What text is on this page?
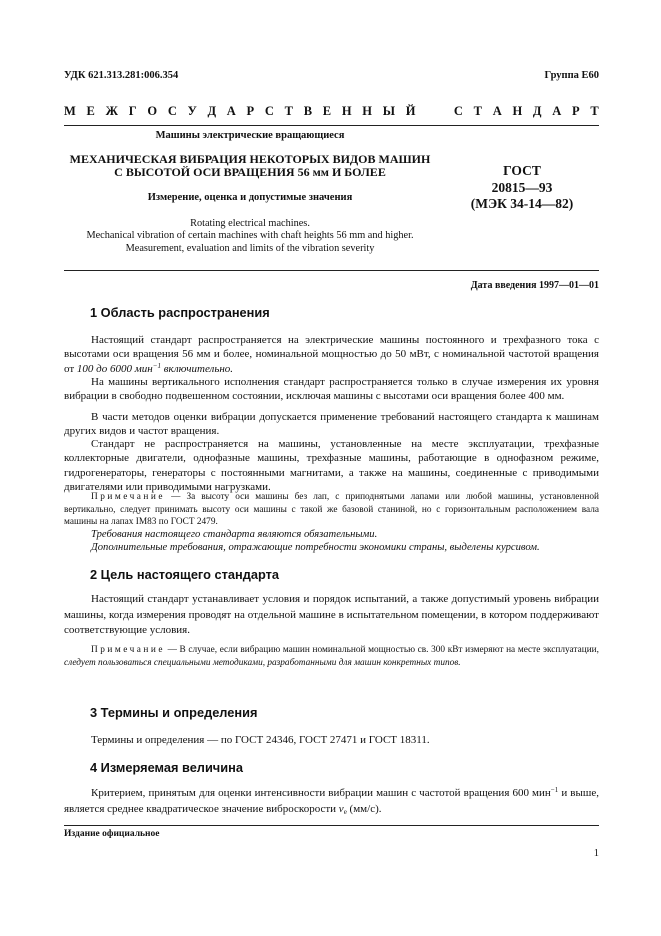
УДК 621.313.281:006.354	Группа Е60
М Е Ж Г О С У Д А Р С Т В Е Н Н Ы Й

	С Т А Н Д А Р Т
Машины электрические вращающиеся
МЕХАНИЧЕСКАЯ ВИБРАЦИЯ НЕКОТОРЫХ ВИДОВ МАШИН
С ВЫСОТОЙ ОСИ ВРАЩЕНИЯ 56 мм И БОЛЕЕ
Измерение, оценка и допустимые значения
Rotating electrical machines.
Mechanical vibration of certain machines with chaft heights 56 mm and higher.
Measurement, evaluation and limits of the vibration severity
ГОСТ
20815—93
(МЭК 34-14—82)
Дата введения 1997—01—01
1 Область распространения
Настоящий стандарт распространяется на электрические машины постоянного и трехфазного тока с высотами оси вращения 56 мм и более, номинальной мощностью до 50 мВт, с номинальной частотой вращения от 100 до 6000 мин$^{-1}$ включительно.
На машины вертикального исполнения стандарт распространяется только в случае измерения их уровня вибрации в свободно подвешенном состоянии, исключая машины с высотами оси вращения более 400 мм.
В части методов оценки вибрации допускается применение требований настоящего стандарта к машинам других видов и частот вращения.
Стандарт не распространяется на машины, установленные на месте эксплуатации, трехфазные коллекторные двигатели, однофазные машины, трехфазные машины, работающие в однофазном режиме, гидрогенераторы, генераторы с постоянными магнитами, а также на машины, соединенные с приводимыми двигателями или приводимыми нагрузками.
Примечание — За высоту оси машины без лап, с приподнятыми лапами или любой машины, установленной вертикально, следует принимать высоту оси машины с такой же базовой станиной, но с горизонтальным расположением вала машины на лапах IM83 по ГОСТ 2479.
Требования настоящего стандарта являются обязательными.
Дополнительные требования, отражающие потребности экономики страны, выделены курсивом.
2 Цель настоящего стандарта
Настоящий стандарт устанавливает условия и порядок испытаний, а также допустимый уровень вибрации машины, когда измерения проводят на отдельной машине в испытательном помещении, в котором поддерживают соответствующие условия.
Примечание — В случае, если вибрацию машин номинальной мощностью св. 300 кВт измеряют на месте эксплуатации, следует пользоваться специальными методиками, разработанными для машин конкретных типов.
3 Термины и определения
Термины и определения — по ГОСТ 24346, ГОСТ 27471 и ГОСТ 18311.
4 Измеряемая величина
Критерием, принятым для оценки интенсивности вибрации машин с частотой вращения 600 мин$^{-1}$ и выше, является среднее квадратическое значение виброскорости $v_e$ (мм/с).
Издание официальное
1
